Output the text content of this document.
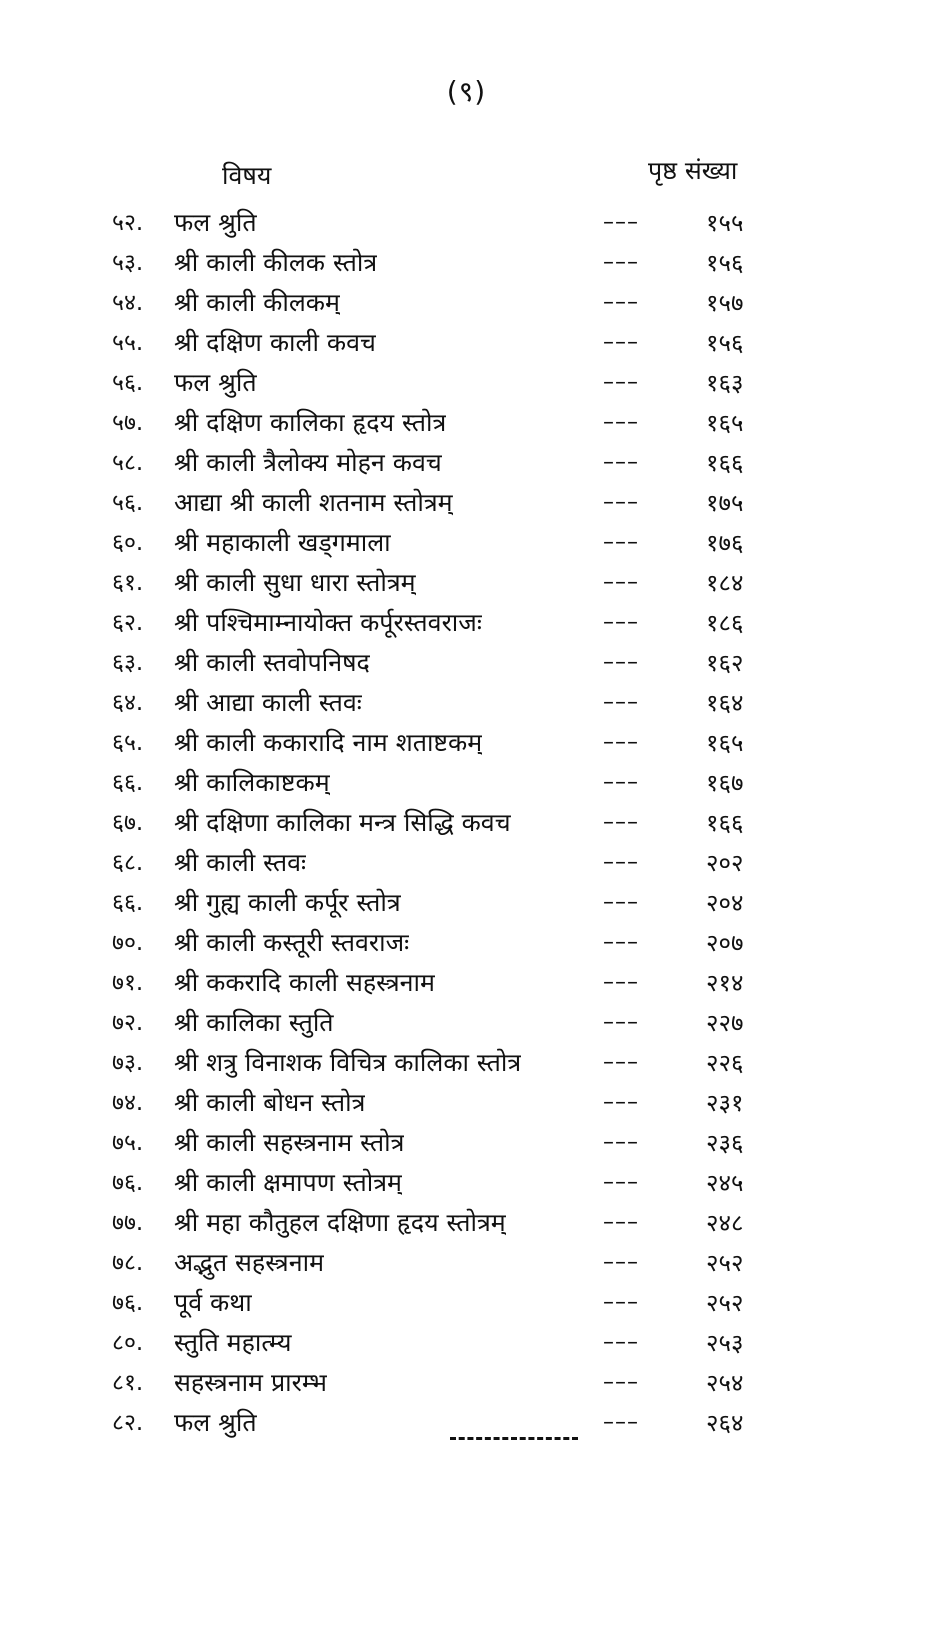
(९)
विषय	पृष्ठ संख्या
५२.	फल श्रुति	–––	१५५
५३.	श्री काली कीलक स्तोत्र	–––	१५६
५४.	श्री काली कीलकम्	–––	१५७
५५.	श्री दक्षिण काली कवच	–––	१५६
५६.	फल श्रुति	–––	१६३
५७.	श्री दक्षिण कालिका हृदय स्तोत्र	–––	१६५
५८.	श्री काली त्रैलोक्य मोहन कवच	–––	१६६
५६.	आद्या श्री काली शतनाम स्तोत्रम्	–––	१७५
६०.	श्री महाकाली खड्गमाला	–––	१७६
६१.	श्री काली सुधा धारा स्तोत्रम्	–––	१८४
६२.	श्री पश्चिमाम्नायोक्त कर्पूरस्तवराजः	–––	१८६
६३.	श्री काली स्तवोपनिषद	–––	१६२
६४.	श्री आद्या काली स्तवः	–––	१६४
६५.	श्री काली ककारादि नाम शताष्टकम्	–––	१६५
६६.	श्री कालिकाष्टकम्	–––	१६७
६७.	श्री दक्षिणा कालिका मन्त्र सिद्धि कवच	–––	१६६
६८.	श्री काली स्तवः	–––	२०२
६६.	श्री गुह्य काली कर्पूर स्तोत्र	–––	२०४
७०.	श्री काली कस्तूरी स्तवराजः	–––	२०७
७१.	श्री ककरादि काली सहस्त्रनाम	–––	२१४
७२.	श्री कालिका स्तुति	–––	२२७
७३.	श्री शत्रु विनाशक विचित्र कालिका स्तोत्र	–––	२२६
७४.	श्री काली बोधन स्तोत्र	–––	२३१
७५.	श्री काली सहस्त्रनाम स्तोत्र	–––	२३६
७६.	श्री काली क्षमापण स्तोत्रम्	–––	२४५
७७.	श्री महा कौतुहल दक्षिणा हृदय स्तोत्रम्	–––	२४८
७८.	अद्भुत सहस्त्रनाम	–––	२५२
७६.	पूर्व कथा	–––	२५२
८०.	स्तुति महात्म्य	–––	२५३
८१.	सहस्त्रनाम प्रारम्भ	–––	२५४
८२.	फल श्रुति	–––	२६४
